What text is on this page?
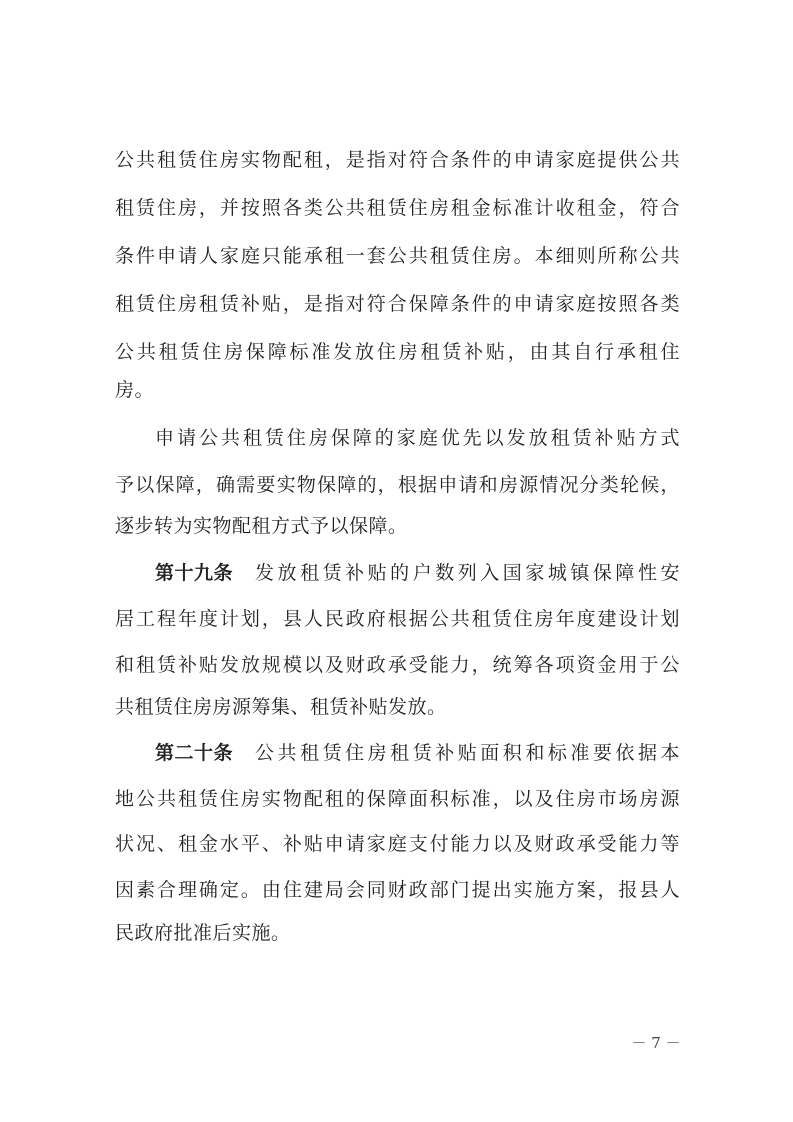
公共租赁住房实物配租，是指对符合条件的申请家庭提供公共
租赁住房，并按照各类公共租赁住房租金标准计收租金，符合
条件申请人家庭只能承租一套公共租赁住房。本细则所称公共
租赁住房租赁补贴，是指对符合保障条件的申请家庭按照各类
公共租赁住房保障标准发放住房租赁补贴，由其自行承租住
房。
申请公共租赁住房保障的家庭优先以发放租赁补贴方式
予以保障，确需要实物保障的，根据申请和房源情况分类轮候，
逐步转为实物配租方式予以保障。
第十九条 发放租赁补贴的户数列入国家城镇保障性安
居工程年度计划，县人民政府根据公共租赁住房年度建设计划
和租赁补贴发放规模以及财政承受能力，统筹各项资金用于公
共租赁住房房源筹集、租赁补贴发放。
第二十条 公共租赁住房租赁补贴面积和标准要依据本
地公共租赁住房实物配租的保障面积标准，以及住房市场房源
状况、租金水平、补贴申请家庭支付能力以及财政承受能力等
因素合理确定。由住建局会同财政部门提出实施方案，报县人
民政府批准后实施。
－ 7 －
